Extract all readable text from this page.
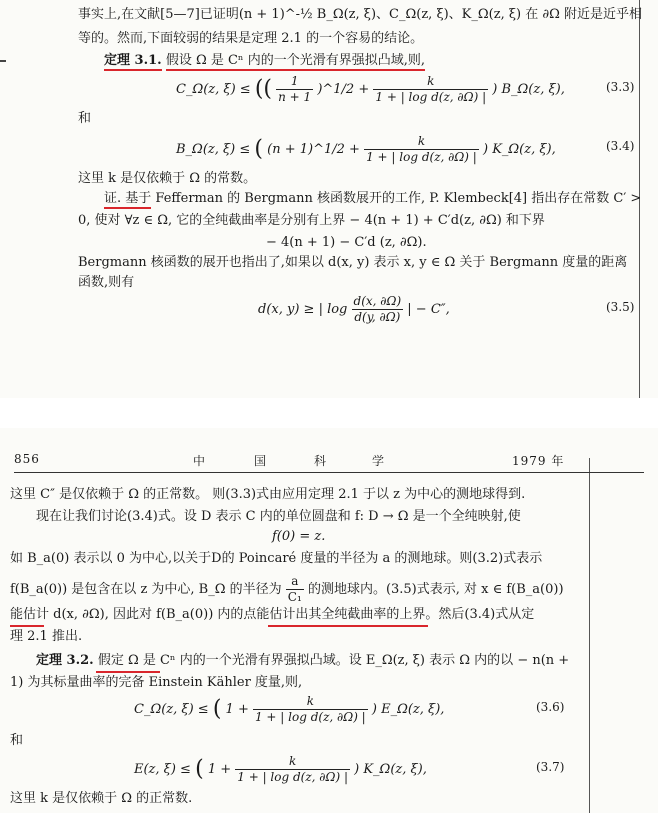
事实上,在文献[5—7]已证明(n + 1)^-½ B_Ω(z, ξ)、C_Ω(z, ξ)、K_Ω(z, ξ) 在 ∂Ω 附近是近乎相
等的。然而,下面较弱的结果是定理 2.1 的一个容易的结论。
定理 3.1. 假设 Ω 是 Cⁿ 内的一个光滑有界强拟凸域,则,
C_Ω(z, ξ) ≤ (( $\frac{1}{n + 1}$ )^1/2 + $\frac{k}{\text{1 + | log d(z, ∂Ω) |}}$ ) B_Ω(z, ξ),	(3.3)
和
B_Ω(z, ξ) ≤ ( (n + 1)^1/2 + $\frac{k}{\text{1 + | log d(z, ∂Ω) |}}$ ) K_Ω(z, ξ),	(3.4)
这里 k 是仅依赖于 Ω 的常数。
证. 基于 Fefferman 的 Bergmann 核函数展开的工作, P. Klembeck[4] 指出存在常数 C′ >
0, 使对 ∀z ∈ Ω, 它的全纯截曲率是分别有上界 − 4(n + 1) + C′d(z, ∂Ω) 和下界
− 4(n + 1) − C′d (z, ∂Ω).
Bergmann 核函数的展开也指出了,如果以 d(x, y) 表示 x, y ∈ Ω 关于 Bergmann 度量的距离
函数,则有
d(x, y) ≥ | $\log \frac{d(x, \partial\Omega)}{d(y, \partial\Omega)}$ | − C″,	(3.5)
856	中	国	科	学	1979 年
这里 C″ 是仅依赖于 Ω 的正常数。 则(3.3)式由应用定理 2.1 于以 z 为中心的测地球得到.
现在让我们讨论(3.4)式。设 D 表示 C 内的单位圆盘和 f: D → Ω 是一个全纯映射,使
f(0) = z.
如 B_a(0) 表示以 0 为中心,以关于D的 Poincaré 度量的半径为 a 的测地球。则(3.2)式表示
f(B_a(0)) 是包含在以 z 为中心, B_Ω 的半径为 $\frac{a}{\text{C₁}}$ 的测地球内。(3.5)式表示, 对 x ∈ f(B_a(0))
能估计 d(x, ∂Ω), 因此对 f(B_a(0)) 内的点能估计出其全纯截曲率的上界。然后(3.4)式从定
理 2.1 推出.
定理 3.2. 假定 Ω 是 Cⁿ 内的一个光滑有界强拟凸域。设 E_Ω(z, ξ) 表示 Ω 内的以 − n(n +
1) 为其标量曲率的完备 Einstein Kähler 度量,则,
C_Ω(z, ξ) ≤ ( $1 + \frac{k}{\text{1 + | log d(z, ∂Ω) |}}$ ) E_Ω(z, ξ),	(3.6)
和
E(z, ξ) ≤ ( $1 + \frac{k}{\text{1 + | log d(z, ∂Ω) |}}$ ) K_Ω(z, ξ),	(3.7)
这里 k 是仅依赖于 Ω 的正常数.
